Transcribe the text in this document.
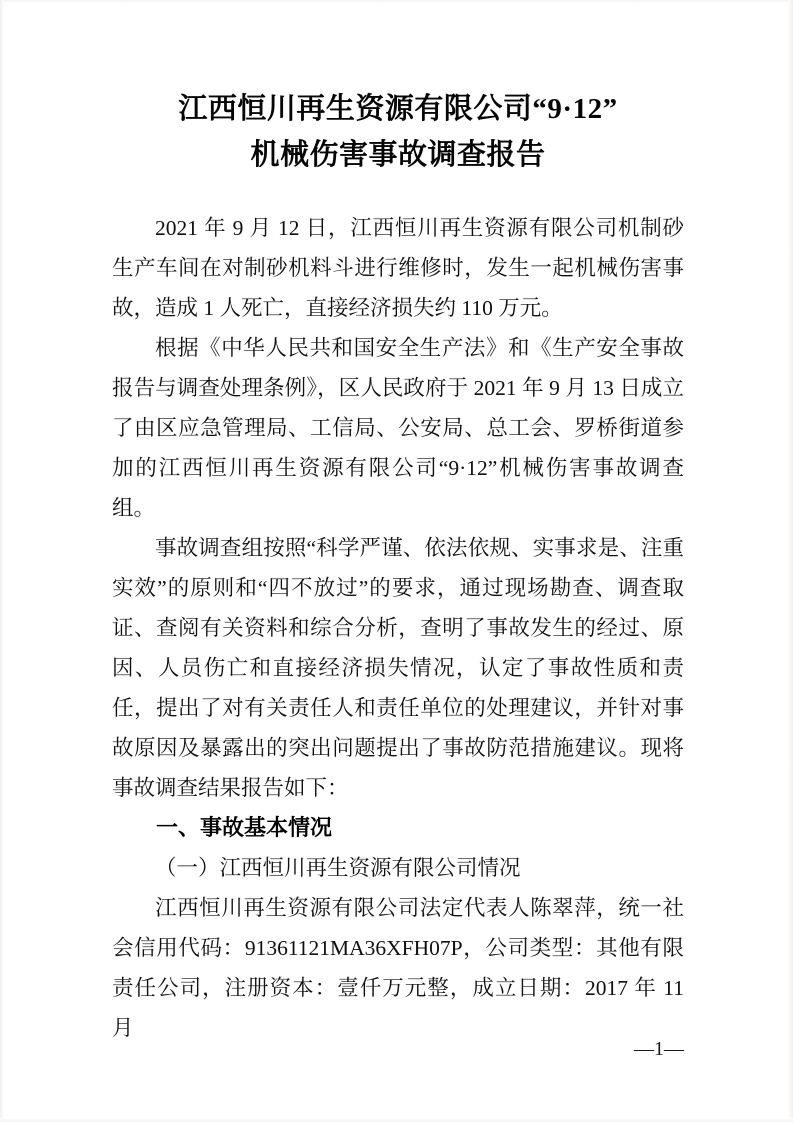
江西恒川再生资源有限公司“9·12”
机械伤害事故调查报告

2021 年 9 月 12 日，江西恒川再生资源有限公司机制砂生产车间在对制砂机料斗进行维修时，发生一起机械伤害事故，造成 1 人死亡，直接经济损失约 110 万元。

根据《中华人民共和国安全生产法》和《生产安全事故报告与调查处理条例》，区人民政府于 2021 年 9 月 13 日成立了由区应急管理局、工信局、公安局、总工会、罗桥街道参加的江西恒川再生资源有限公司“9·12”机械伤害事故调查组。

事故调查组按照“科学严谨、依法依规、实事求是、注重实效”的原则和“四不放过”的要求，通过现场勘查、调查取证、查阅有关资料和综合分析，查明了事故发生的经过、原因、人员伤亡和直接经济损失情况，认定了事故性质和责任，提出了对有关责任人和责任单位的处理建议，并针对事故原因及暴露出的突出问题提出了事故防范措施建议。现将事故调查结果报告如下：

一、事故基本情况

（一）江西恒川再生资源有限公司情况

江西恒川再生资源有限公司法定代表人陈翠萍，统一社会信用代码：91361121MA36XFH07P，公司类型：其他有限责任公司，注册资本：壹仟万元整，成立日期：2017 年 11 月

—1—
